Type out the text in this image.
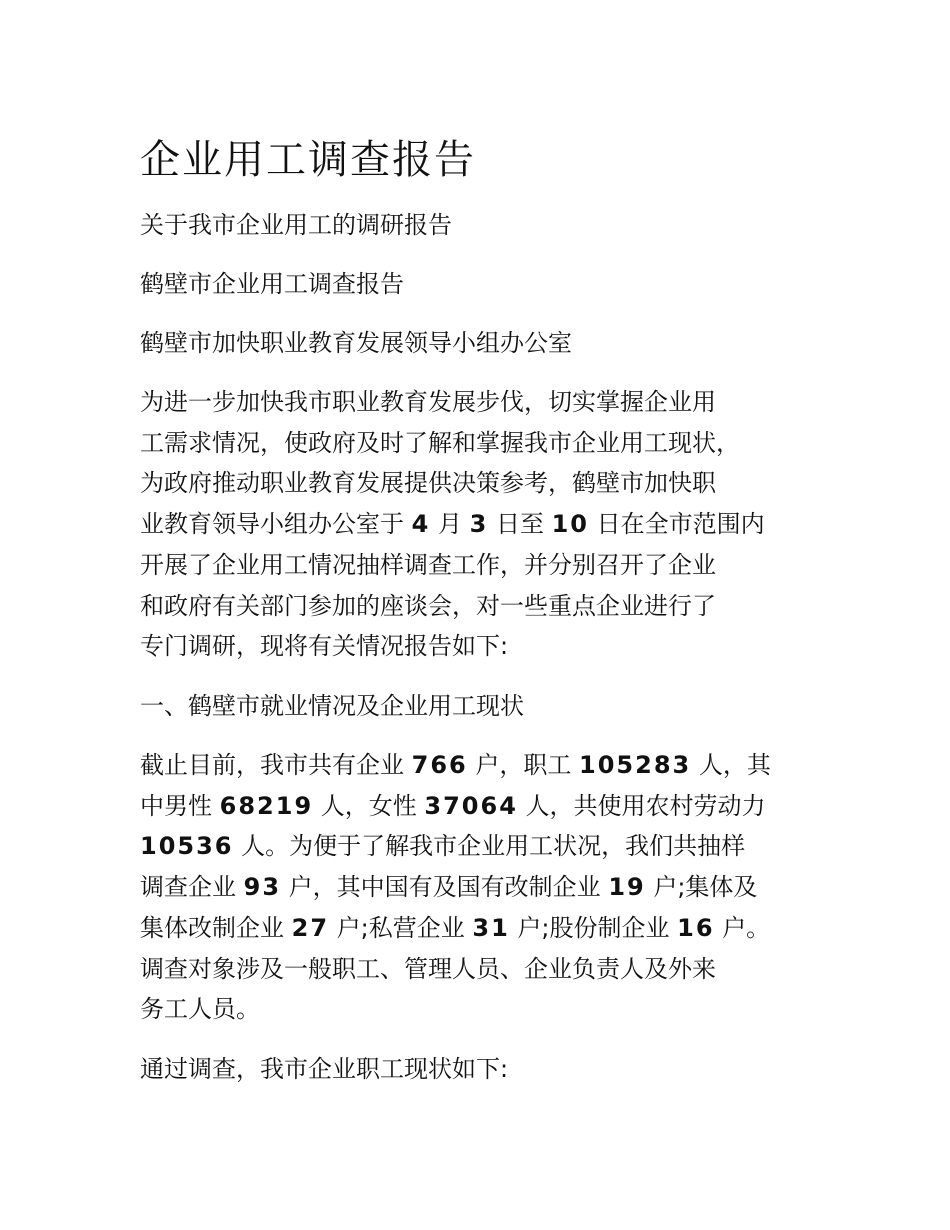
企业用工调查报告

关于我市企业用工的调研报告

鹤壁市企业用工调查报告

鹤壁市加快职业教育发展领导小组办公室

为进一步加快我市职业教育发展步伐，切实掌握企业用
工需求情况，使政府及时了解和掌握我市企业用工现状，
为政府推动职业教育发展提供决策参考，鹤壁市加快职
业教育领导小组办公室于 4 月 3 日至 10 日在全市范围内
开展了企业用工情况抽样调查工作，并分别召开了企业
和政府有关部门参加的座谈会，对一些重点企业进行了
专门调研，现将有关情况报告如下:

一、鹤壁市就业情况及企业用工现状

截止目前，我市共有企业 766 户，职工 105283 人，其
中男性 68219 人，女性 37064 人，共使用农村劳动力
10536 人。为便于了解我市企业用工状况，我们共抽样
调查企业 93 户，其中国有及国有改制企业 19 户;集体及
集体改制企业 27 户;私营企业 31 户;股份制企业 16 户。
调查对象涉及一般职工、管理人员、企业负责人及外来
务工人员。

通过调查，我市企业职工现状如下:
